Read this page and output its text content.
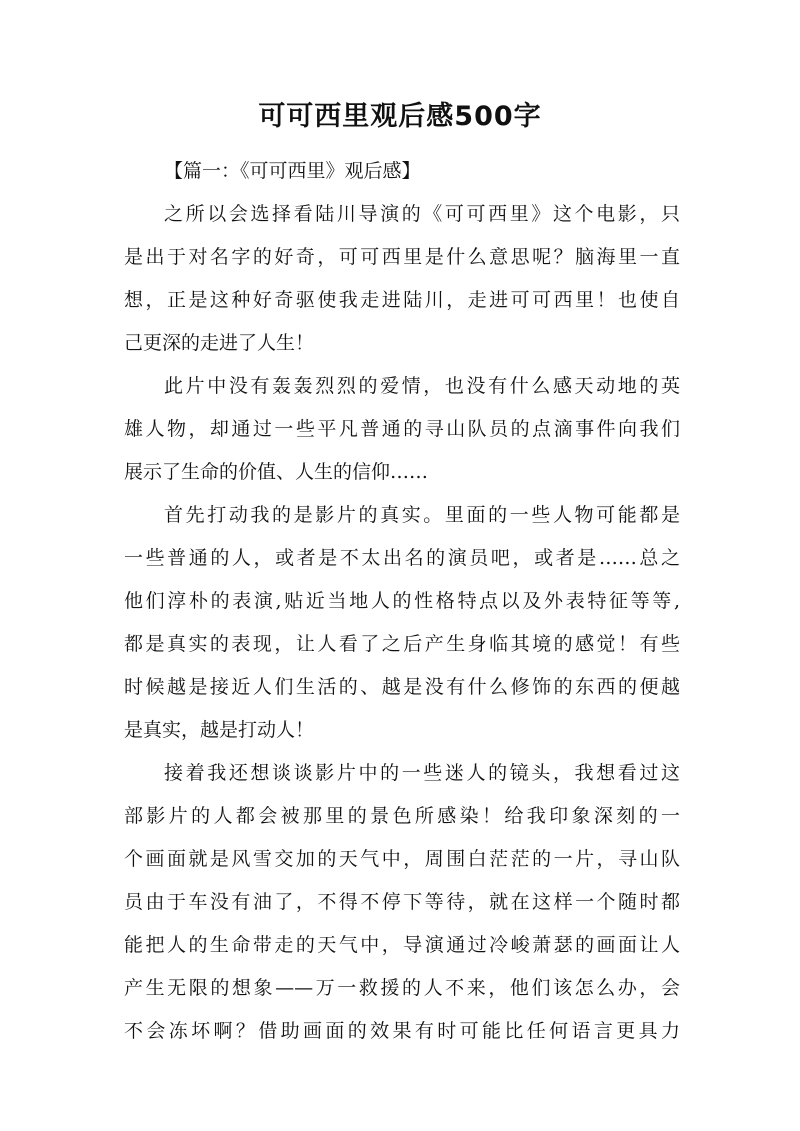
可可西里观后感500字

【篇一：《可可西里》观后感】

之所以会选择看陆川导演的《可可西里》这个电影，只
是出于对名字的好奇，可可西里是什么意思呢？脑海里一直
想，正是这种好奇驱使我走进陆川，走进可可西里！也使自
己更深的走进了人生！

此片中没有轰轰烈烈的爱情，也没有什么感天动地的英
雄人物，却通过一些平凡普通的寻山队员的点滴事件向我们
展示了生命的价值、人生的信仰……

首先打动我的是影片的真实。里面的一些人物可能都是
一些普通的人，或者是不太出名的演员吧，或者是……总之
他们淳朴的表演,贴近当地人的性格特点以及外表特征等等,
都是真实的表现，让人看了之后产生身临其境的感觉！有些
时候越是接近人们生活的、越是没有什么修饰的东西的便越
是真实，越是打动人！

接着我还想谈谈影片中的一些迷人的镜头，我想看过这
部影片的人都会被那里的景色所感染！给我印象深刻的一
个画面就是风雪交加的天气中，周围白茫茫的一片，寻山队
员由于车没有油了，不得不停下等待，就在这样一个随时都
能把人的生命带走的天气中，导演通过冷峻萧瑟的画面让人
产生无限的想象——万一救援的人不来，他们该怎么办，会
不会冻坏啊？借助画面的效果有时可能比任何语言更具力
